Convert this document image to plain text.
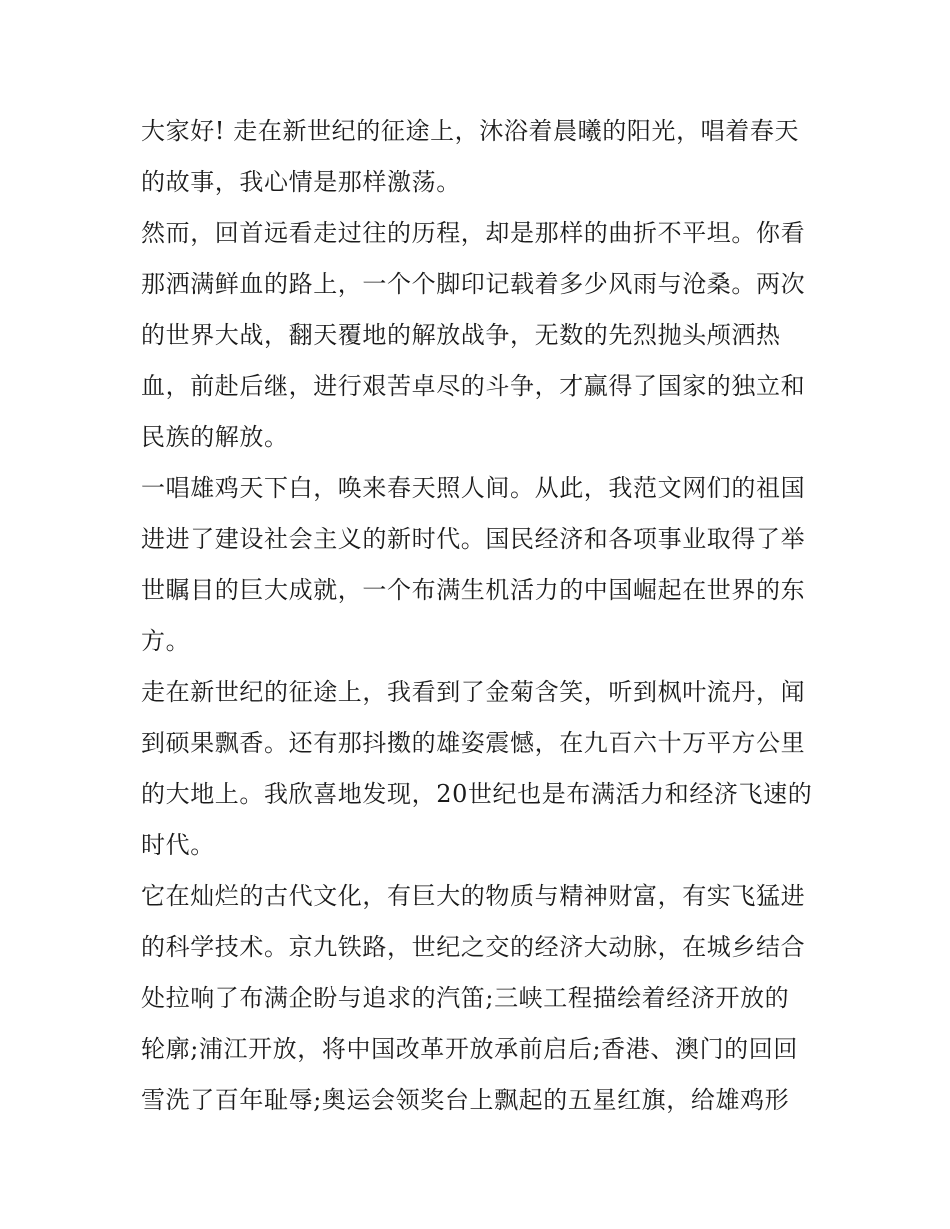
大家好! 走在新世纪的征途上，沐浴着晨曦的阳光，唱着春天的故事，我心情是那样激荡。

然而，回首远看走过往的历程，却是那样的曲折不平坦。你看那洒满鲜血的路上，一个个脚印记载着多少风雨与沧桑。两次的世界大战，翻天覆地的解放战争，无数的先烈抛头颅洒热血，前赴后继，进行艰苦卓尽的斗争，才赢得了国家的独立和民族的解放。

一唱雄鸡天下白，唤来春天照人间。从此，我范文网们的祖国进进了建设社会主义的新时代。国民经济和各项事业取得了举世瞩目的巨大成就，一个布满生机活力的中国崛起在世界的东方。

走在新世纪的征途上，我看到了金菊含笑，听到枫叶流丹，闻到硕果飘香。还有那抖擞的雄姿震憾，在九百六十万平方公里的大地上。我欣喜地发现，20世纪也是布满活力和经济飞速的时代。

它在灿烂的古代文化，有巨大的物质与精神财富，有实飞猛进的科学技术。京九铁路，世纪之交的经济大动脉，在城乡结合处拉响了布满企盼与追求的汽笛;三峡工程描绘着经济开放的轮廓;浦江开放，将中国改革开放承前启后;香港、澳门的回回雪洗了百年耻辱;奥运会领奖台上飘起的五星红旗，给雄鸡形
